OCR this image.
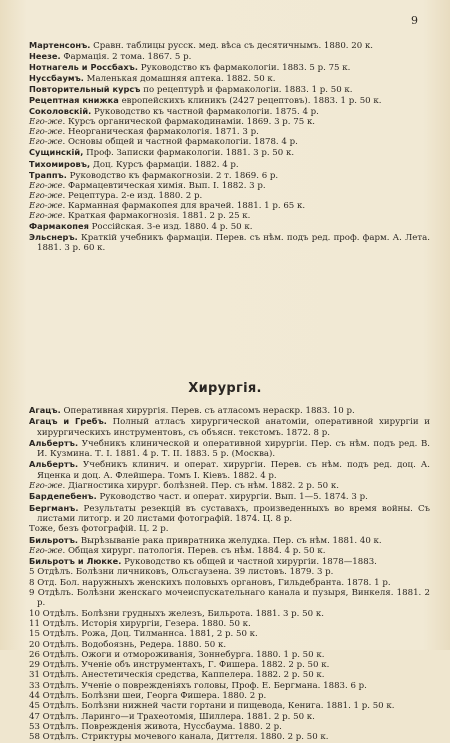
9
Мартенсонъ. Сравн. таблицы русск. мед. вѣса съ десятичнымъ. 1880. 20 к.
Неезе. Фармація. 2 тома. 1867. 5 р.
Нотнагель и Россбахъ. Руководство къ фармакологіи. 1883. 5 р. 75 к.
Нуссбаумъ. Маленькая домашняя аптека. 1882. 50 к.
Повторительный курсъ по рецептурѣ и фармакологіи. 1883. 1 р. 50 к.
Рецептная книжка европейскихъ клиникъ (2427 рецептовъ). 1883. 1 р. 50 к.
Соколовскій. Руководство къ частной фармакологіи. 1875. 4 р.
Его-же. Курсъ органической фармакодинаміи. 1869. 3 р. 75 к.
Его-же. Неорганическая фармакологія. 1871. 3 р.
Его-же. Основы общей и частной фармакологіи. 1878. 4 р.
Сущинскій, Проф. Записки фармакологіи. 1881. 3 р. 50 к.
Тихомировъ, Доц. Курсъ фармаціи. 1882. 4 р.
Траппъ. Руководство къ фармакогнозіи. 2 т. 1869. 6 р.
Его-же. Фармацевтическая химія. Вып. I. 1882. 3 р.
Его-же. Рецептура. 2-е изд. 1880. 2 р.
Его-же. Карманная фармакопея для врачей. 1881. 1 р. 65 к.
Его-же. Краткая фармакогнозія. 1881. 2 р. 25 к.
Фармакопея Россійская. 3-е изд. 1880. 4 р. 50 к.
Эльснеръ. Краткій учебникъ фармаціи. Перев. съ нѣм. подъ ред. проф. фарм. А. Лета. 1881. 3 р. 60 к.
Хирургія.
Агацъ. Оперативная хирургія. Перев. съ атласомъ нераскр. 1883. 10 р.
Агацъ и Гребъ. Полный атласъ хирургической анатоміи, оперативной хирургіи и хирургическихъ инструментовъ, съ объясн. текстомъ. 1872. 8 р.
Альбертъ. Учебникъ клинической и оперативной хирургіи. Пер. съ нѣм. подъ ред. В. И. Кузмина. Т. I. 1881. 4 р. Т. II. 1883. 5 р. (Москва).
Альбертъ. Учебникъ клинич. и операт. хирургіи. Перев. съ нѣм. подъ ред. доц. А. Яценка и доц. А. Флейшера. Томъ I. Кіевъ. 1882. 4 р.
Его-же. Діагностика хирург. болѣзней. Пер. съ нѣм. 1882. 2 р. 50 к.
Бардепебенъ. Руководство част. и операт. хирургіи. Вып. 1—5. 1874. 3 р.
Бергманъ. Результаты резекцій въ суставахъ, произведенныхъ во время войны. Съ листами литогр. и 20 листами фотографій. 1874. Ц. 8 р.
Тоже, безъ фотографій. Ц. 2 р.
Бильротъ. Вырѣзываніе рака привратника желудка. Пер. съ нѣм. 1881. 40 к.
Его-же. Общая хирург. патологія. Перев. съ нѣм. 1884. 4 р. 50 к.
Бильротъ и Люкке. Руководство къ общей и частной хирургіи. 1878—1883.
5 Отдѣлъ. Болѣзни личниковъ, Ольсгаузена. 39 листовъ. 1879. 3 р.
8 Отд. Бол. наружныхъ женскихъ половыхъ органовъ, Гильдебранта. 1878. 1 р.
9 Отдѣлъ. Болѣзни женскаго мочеиспускательнаго канала и пузыря, Винкеля. 1881. 2 р.
10 Отдѣлъ. Болѣзни грудныхъ железъ, Бильрота. 1881. 3 р. 50 к.
11 Отдѣлъ. Исторія хирургіи, Гезера. 1880. 50 к.
15 Отдѣлъ. Рожа, Доц. Тилманнса. 1881, 2 р. 50 к.
20 Отдѣлъ. Водобоязнь, Редера. 1880. 50 к.
26 Отдѣлъ. Ожоги и отмороживанія, Зоннебурга. 1880. 1 р. 50 к.
29 Отдѣлъ. Ученіе объ инструментахъ, Г. Фишера. 1882. 2 р. 50 к.
31 Отдѣлъ. Анестетическія средства, Каппелера. 1882. 2 р. 50 к.
33 Отдѣлъ. Ученіе о поврежденіяхъ головы, Проф. Е. Бергмана. 1883. 6 р.
44 Отдѣлъ. Болѣзни шеи, Георга Фишера. 1880. 2 р.
45 Отдѣлъ. Болѣзни нижней части гортани и пищевода, Кенига. 1881. 1 р. 50 к.
47 Отдѣлъ. Ларинго—и Трахеотомія, Шиллера. 1881. 2 р. 50 к.
53 Отдѣлъ. Поврежденія живота, Нуссбаума. 1880. 2 р.
58 Отдѣлъ. Стриктуры мочевого канала, Диттеля. 1880. 2 р. 50 к.
